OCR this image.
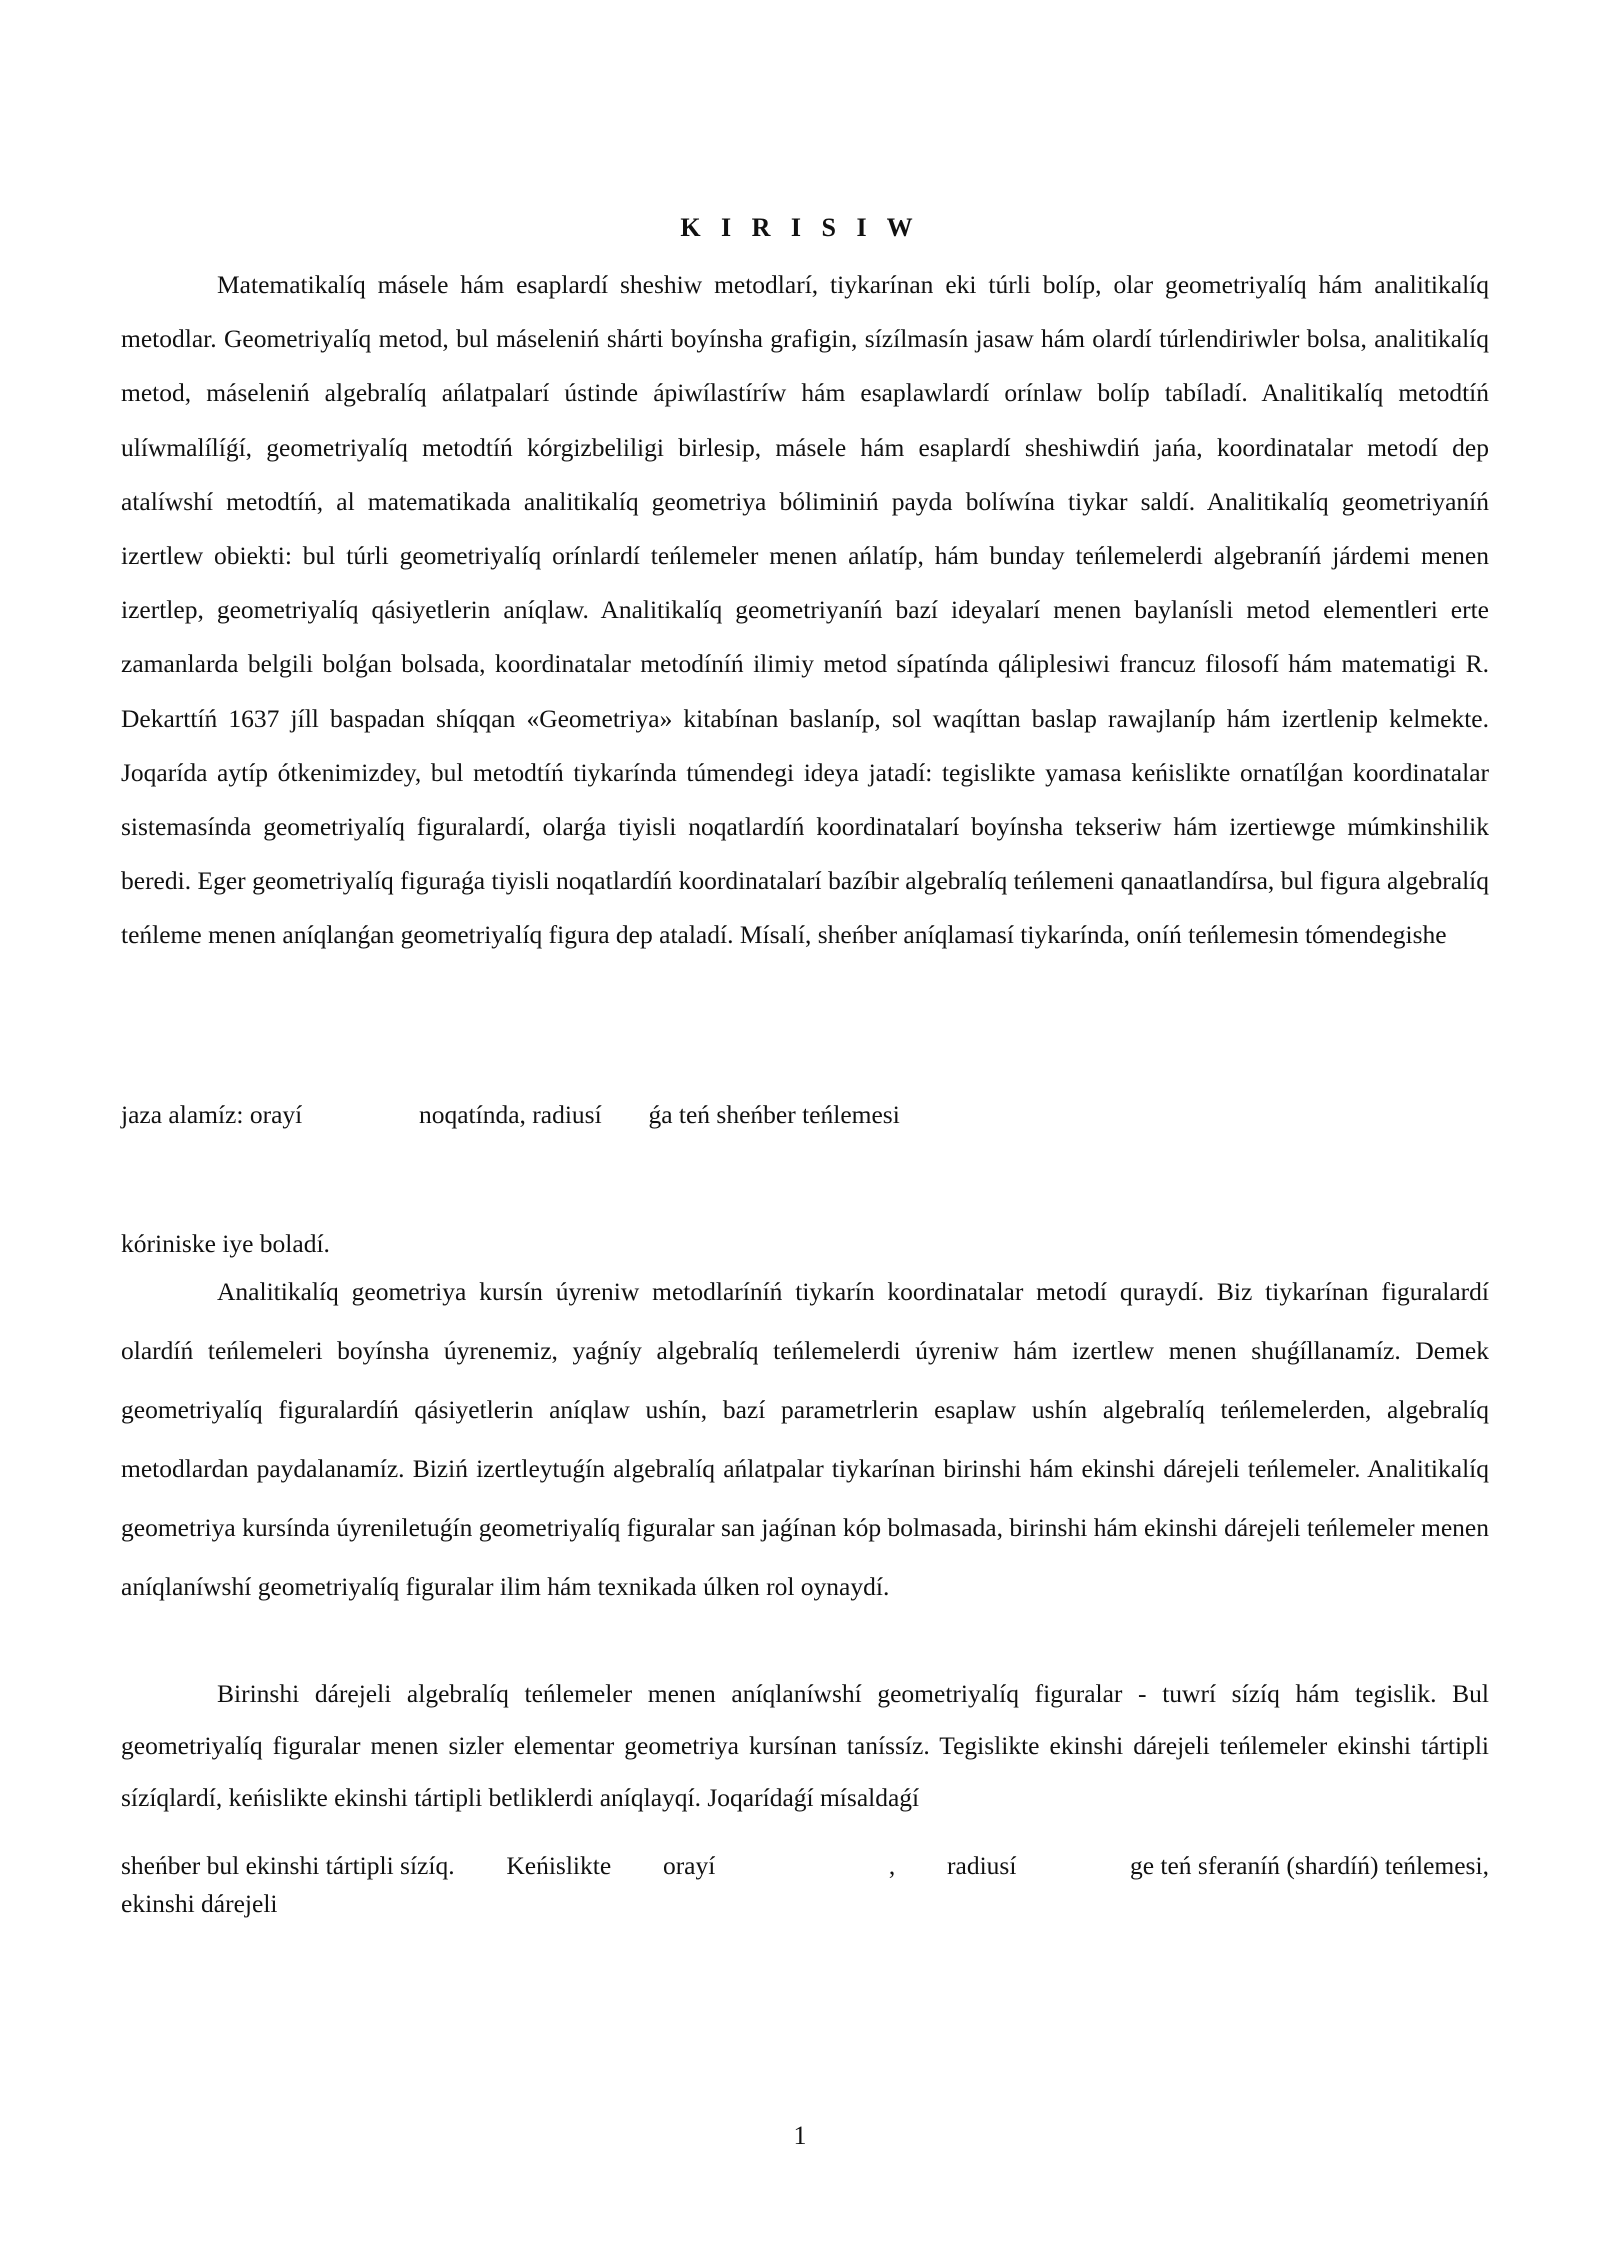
K I R I S I W

Matematikalíq másele hám esaplardí sheshiw metodlarí, tiykarínan eki túrli bolíp, olar geometriyalíq hám analitikalíq metodlar. Geometriyalíq metod, bul máseleniń shárti boyínsha grafigin, sízílmasín jasaw hám olardí túrlendiriwler bolsa, analitikalíq metod, máseleniń algebralíq ańlatpalarí ústinde ápiwílastíríw hám esaplawlardí orínlaw bolíp tabíladí. Analitikalíq metodtíń ulíwmalílíǵí, geometriyalíq metodtíń kórgizbeliligi birlesip, másele hám esaplardí sheshiwdiń jańa, koordinatalar metodí dep atalíwshí metodtíń, al matematikada analitikalíq geometriya bóliminiń payda bolíwína tiykar saldí. Analitikalíq geometriyaníń izertlew obiekti: bul túrli geometriyalíq orínlardí teńlemeler menen ańlatíp, hám bunday teńlemelerdi algebraníń járdemi menen izertlep, geometriyalíq qásiyetlerin aníqlaw. Analitikalíq geometriyaníń bazí ideyalarí menen baylanísli metod elementleri erte zamanlarda belgili bolǵan bolsada, koordinatalar metodíníń ilimiy metod sípatínda qáliplesiwi francuz filosofí hám matematigi R. Dekarttíń 1637 jíll baspadan shíqqan «Geometriya» kitabínan baslaníp, sol waqíttan baslap rawajlaníp hám izertlenip kelmekte. Joqarída aytíp ótkenimizdey, bul metodtíń tiykarínda túmendegi ideya jatadí: tegislikte yamasa keńislikte ornatílǵan koordinatalar sistemasínda geometriyalíq figuralardí, olarǵa tiyisli noqatlardíń koordinatalarí boyínsha tekseriw hám izertiewge múmkinshilik beredi. Eger geometriyalíq figuraǵa tiyisli noqatlardíń koordinatalarí bazíbir algebralíq teńlemeni qanaatlandírsa, bul figura algebralíq teńleme menen aníqlanǵan geometriyalíq figura dep ataladí. Mísalí, sheńber aníqlamasí tiykarínda, oníń teńlemesin tómendegishe

jaza alamíz: orayí	noqatínda, radiusí ǵa teń sheńber teńlemesi
kóriniske iye boladí.

Analitikalíq geometriya kursín úyreniw metodlaríníń tiykarín koordinatalar metodí quraydí. Biz tiykarínan figuralardí olardíń teńlemeleri boyínsha úyrenemiz, yaǵníy algebralíq teńlemelerdi úyreniw hám izertlew menen shuǵíllanamíz. Demek geometriyalíq figuralardíń qásiyetlerin aníqlaw ushín, bazí parametrlerin esaplaw ushín algebralíq teńlemelerden, algebralíq metodlardan paydalanamíz. Biziń izertleytuǵín algebralíq ańlatpalar tiykarínan birinshi hám ekinshi dárejeli teńlemeler. Analitikalíq geometriya kursínda úyreniletuǵín geometriyalíq figuralar san jaǵínan kóp bolmasada, birinshi hám ekinshi dárejeli teńlemeler menen aníqlaníwshí geometriyalíq figuralar ilim hám texnikada úlken rol oynaydí.

Birinshi dárejeli algebralíq teńlemeler menen aníqlaníwshí geometriyalíq figuralar - tuwrí sízíq hám tegislik. Bul geometriyalíq figuralar menen sizler elementar geometriya kursínan taníssíz. Tegislikte ekinshi dárejeli teńlemeler ekinshi tártipli sízíqlardí, keńislikte ekinshi tártipli betliklerdi aníqlayqí. Joqarídaǵí mísaldaǵí

sheńber bul ekinshi tártipli sízíq. Keńislikte orayí	, radiusí	ge teń sferaníń (shardíń) teńlemesi,
ekinshi dárejeli
1
